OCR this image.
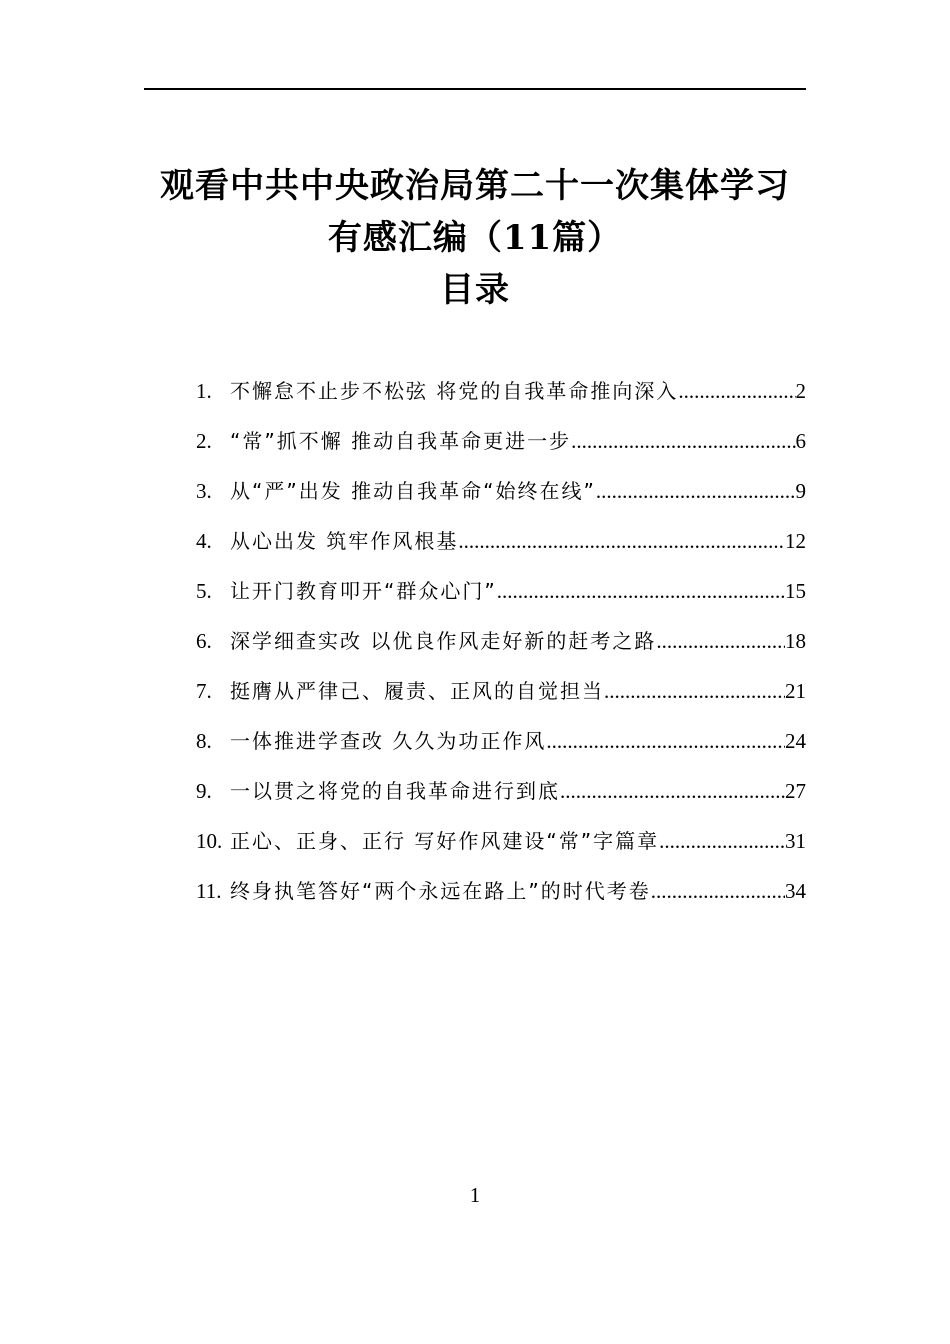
观看中共中央政治局第二十一次集体学习
有感汇编（11篇）
目录
1. 不懈怠不止步不松弦 将党的自我革命推向深入 .....	2
2. “常”抓不懈 推动自我革命更进一步 .....	6
3. 从“严”出发 推动自我革命“始终在线” .....	9
4. 从心出发 筑牢作风根基 .....	12
5. 让开门教育叩开“群众心门” .....	15
6. 深学细查实改 以优良作风走好新的赶考之路 .....	18
7. 挺膺从严律己、履责、正风的自觉担当 .....	21
8. 一体推进学查改 久久为功正作风 .....	24
9. 一以贯之将党的自我革命进行到底 .....	27
10. 正心、正身、正行 写好作风建设“常”字篇章 .....	31
11. 终身执笔答好“两个永远在路上”的时代考卷 .....	34
1
